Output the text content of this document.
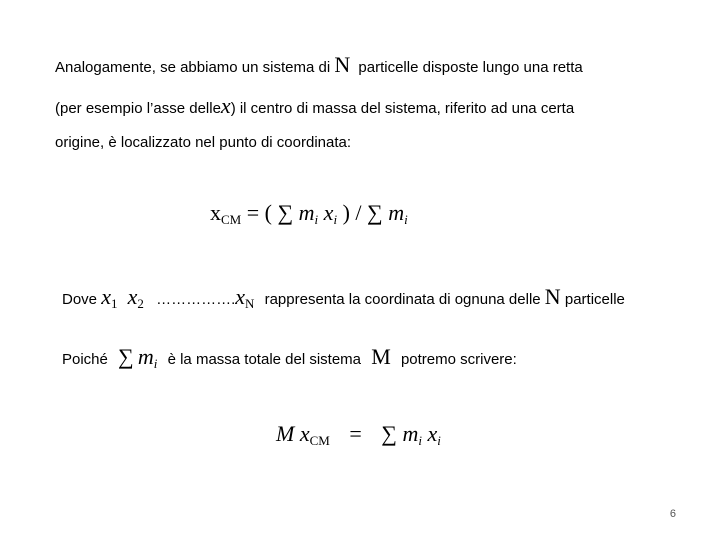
Analogamente, se abbiamo un sistema di N particelle disposte lungo una retta
(per esempio l’asse dellex) il centro di massa del sistema, riferito ad una certa
origine, è localizzato nel punto di coordinata:
$x_{CM}$ = ( ∑ $m_i$ $x_i$ ) / ∑ $m_i$
Dove x1 x2 …………….xN rappresenta la coordinata di ognuna delle N particelle
Poiché ∑ mi è la massa totale del sistema M potremo scrivere:
M $x_{CM}$ = ∑ $m_i$ $x_i$
6
